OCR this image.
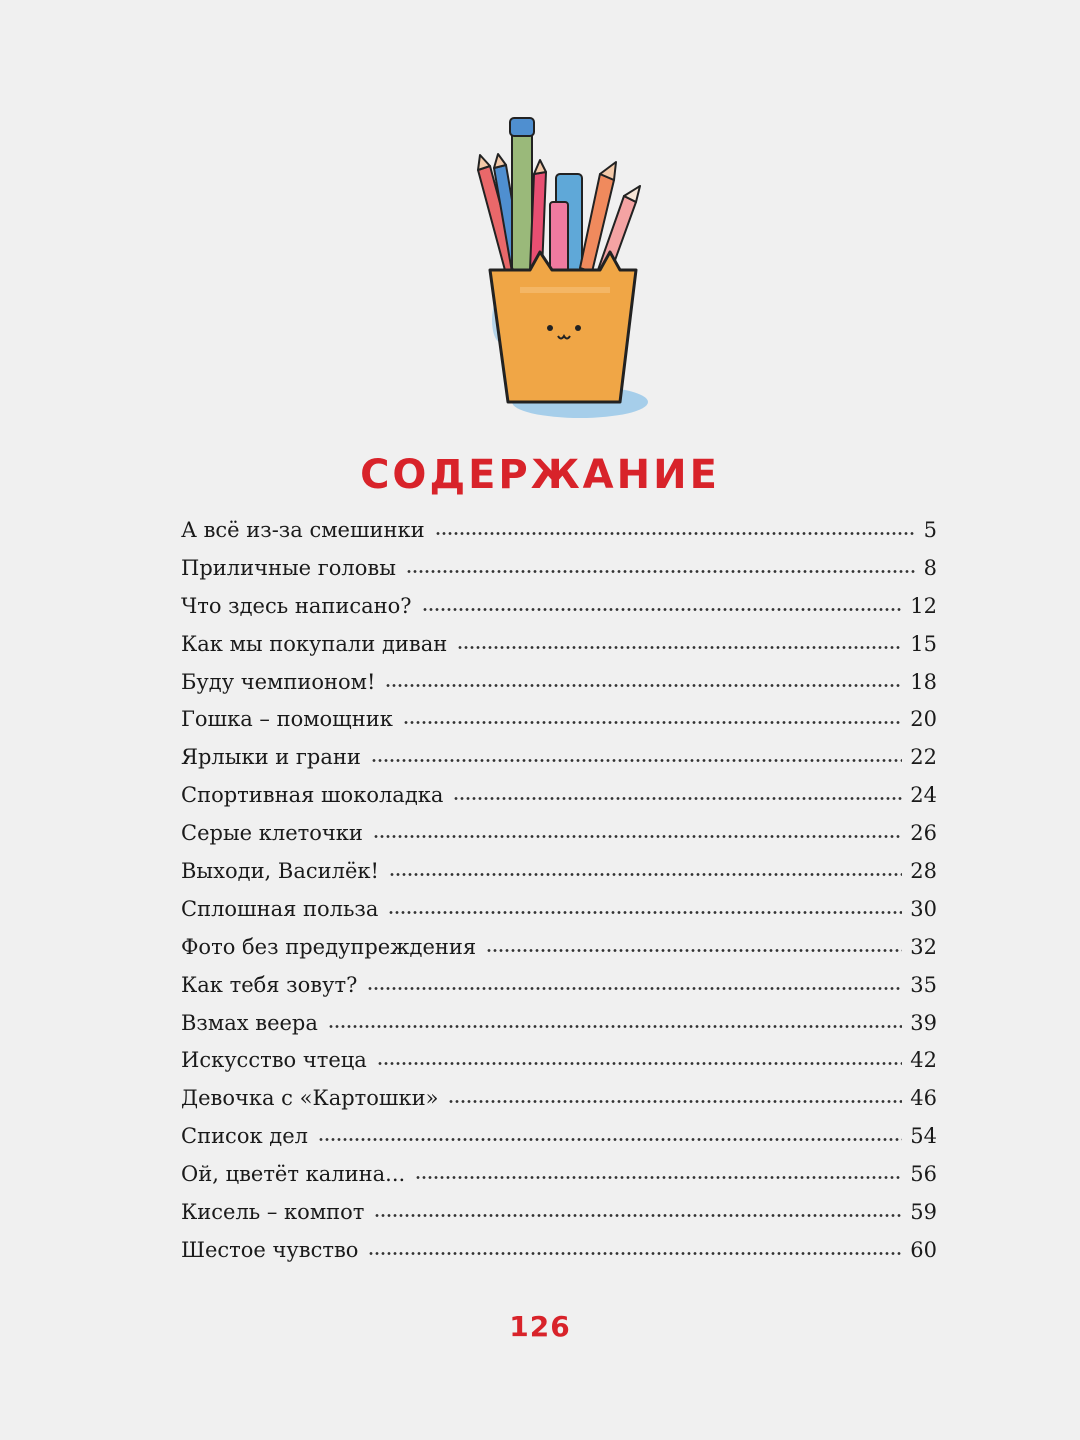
СОДЕРЖАНИЕ
А всё из-за смешинки	5
Приличные головы	8
Что здесь написано?	12
Как мы покупали диван	15
Буду чемпионом!	18
Гошка – помощник	20
Ярлыки и грани	22
Спортивная шоколадка	24
Серые клеточки	26
Выходи, Василёк!	28
Сплошная польза	30
Фото без предупреждения	32
Как тебя зовут?	35
Взмах веера	39
Искусство чтеца	42
Девочка с «Картошки»	46
Список дел	54
Ой, цветёт калина...	56
Кисель – компот	59
Шестое чувство	60
126
